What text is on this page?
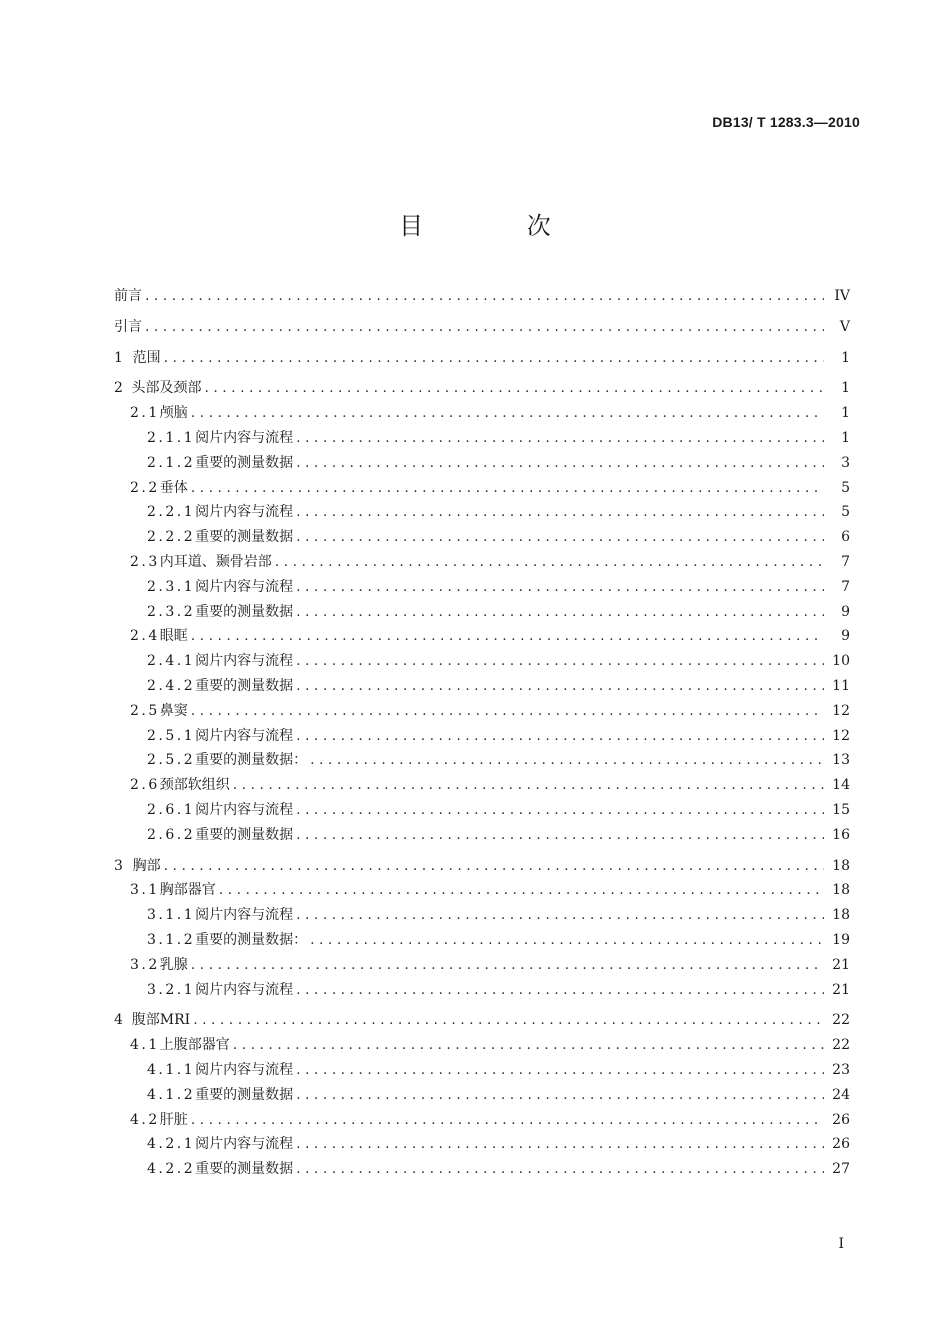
DB13/ T 1283.3—2010
目 次
前言 . . .	IV
引言 . . .	V
1 范围 . . .	1
2 头部及颈部 . . .	1
2.1 颅脑 . . .	1
2.1.1 阅片内容与流程 . . .	1
2.1.2 重要的测量数据 . . .	3
2.2 垂体 . . .	5
2.2.1 阅片内容与流程 . . .	5
2.2.2 重要的测量数据 . . .	6
2.3 内耳道、颞骨岩部 . . .	7
2.3.1 阅片内容与流程 . . .	7
2.3.2 重要的测量数据 . . .	9
2.4 眼眶 . . .	9
2.4.1 阅片内容与流程 . . .	10
2.4.2 重要的测量数据 . . .	11
2.5 鼻窦 . . .	12
2.5.1 阅片内容与流程 . . .	12
2.5.2 重要的测量数据： . . .	13
2.6 颈部软组织 . . .	14
2.6.1 阅片内容与流程 . . .	15
2.6.2 重要的测量数据 . . .	16
3 胸部 . . .	18
3.1 胸部器官 . . .	18
3.1.1 阅片内容与流程 . . .	18
3.1.2 重要的测量数据： . . .	19
3.2 乳腺 . . .	21
3.2.1 阅片内容与流程 . . .	21
4 腹部MRI . . .	22
4.1 上腹部器官 . . .	22
4.1.1 阅片内容与流程 . . .	23
4.1.2 重要的测量数据 . . .	24
4.2 肝脏 . . .	26
4.2.1 阅片内容与流程 . . .	26
4.2.2 重要的测量数据 . . .	27
I
